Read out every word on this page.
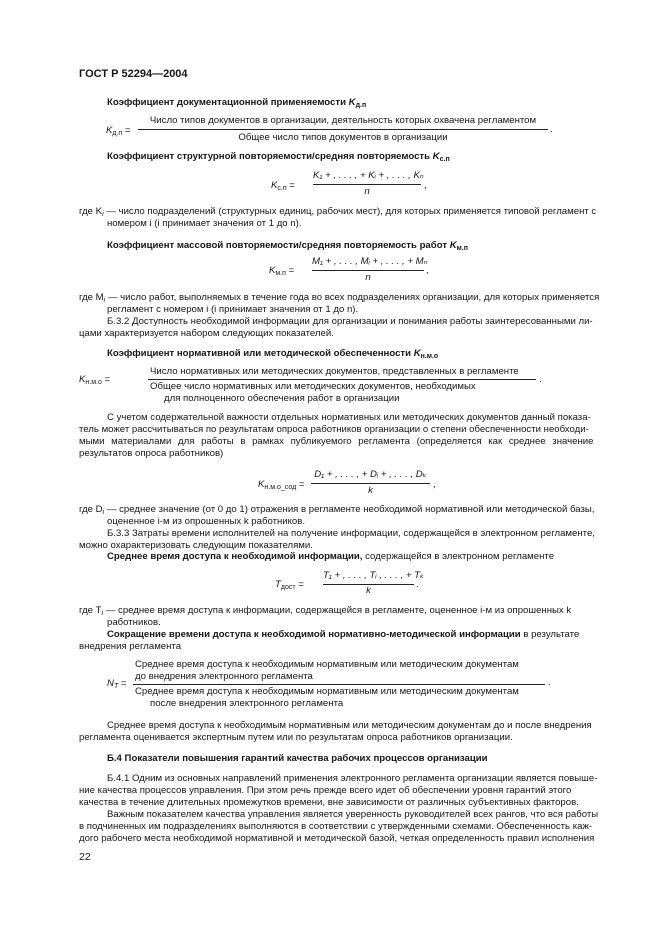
ГОСТ Р 52294—2004
Коэффициент документационной применяемости $K_{д.п}$
$K_{д.п}$ =
Число типов документов в организации, деятельность которых охвачена регламентом
Общее число типов документов в организации
.
Коэффициент структурной повторяемости/средняя повторяемость $K_{с.п}$
$K_{с.п}$ =
K₁ + , . . . , + Kᵢ + , . . . , Kₙ
n
,
где $K_i$ — число подразделений (структурных единиц, рабочих мест), для которых применяется типовой регламент с
номером i (i принимает значения от 1 до n).
Коэффициент массовой повторяемости/средняя повторяемость работ $K_{м.п}$
$K_{м.п}$ =
M₁ + , . . . , Mᵢ + , . . . , + Mₙ
n
,
где $M_i$ — число работ, выполняемых в течение года во всех подразделениях организации, для которых применяется
регламент с номером i (i принимает значения от 1 до n).
Б.3.2 Доступность необходимой информации для организации и понимания работы заинтересованными ли-
цами характеризуется набором следующих показателей.
Коэффициент нормативной или методической обеспеченности $K_{н.м.о}$
$K_{н.м.о}$ =
Число нормативных или методических документов, представленных в регламенте
Общее число нормативных или методических документов, необходимых
для полноценного обеспечения работ в организации
.
С учетом содержательной важности отдельных нормативных или методических документов данный показа-
тель может рассчитываться по результатам опроса работников организации о степени обеспеченности необходи-
мыми материалами для работы в рамках публикуемого регламента (определяется как среднее значение
результатов опроса работников)
$K_{н.м.о\_сод}$ =
D₁ + , . . . , + Dᵢ + , . . . , Dₖ
k
,
где $D_i$ — среднее значение (от 0 до 1) отражения в регламенте необходимой нормативной или методической базы,
оцененное i-м из опрошенных k работников.
Б.3.3 Затраты времени исполнителей на получение информации, содержащейся в электронном регламенте,
можно охарактеризовать следующим показателями.
Среднее время доступа к необходимой информации, содержащейся в электронном регламенте
$T_{доcт}$ =
T₁ + , . . . , Tᵢ , . . . , + Tₖ
k
.
где $T_i$ — среднее время доступа к информации, содержащейся в регламенте, оцененное i-м из опрошенных k
работников.
Сокращение времени доступа к необходимой нормативно-методической информации в результате
внедрения регламента
$N_T$ =
Среднее время доступа к необходимым нормативным или методическим документам
до внедрения электронного регламента
Среднее время доступа к необходимым нормативным или методическим документам
после внедрения электронного регламента
.
Среднее время доступа к необходимым нормативным или методическим документам до и после внедрения
регламента оценивается экспертным путем или по результатам опроса работников организации.
Б.4 Показатели повышения гарантий качества рабочих процессов организации
Б.4.1 Одним из основных направлений применения электронного регламента организации является повыше-
ние качества процессов управления. При этом речь прежде всего идет об обеспечении уровня гарантий этого
качества в течение длительных промежутков времени, вне зависимости от различных субъективных факторов.
Важным показателем качества управления является уверенность руководителей всех рангов, что вся работы
в подчиненных им подразделениях выполняются в соответствии с утвержденными схемами. Обеспеченность каж-
дого рабочего места необходимой нормативной и методической базой, четкая определенность правил исполнения
22
